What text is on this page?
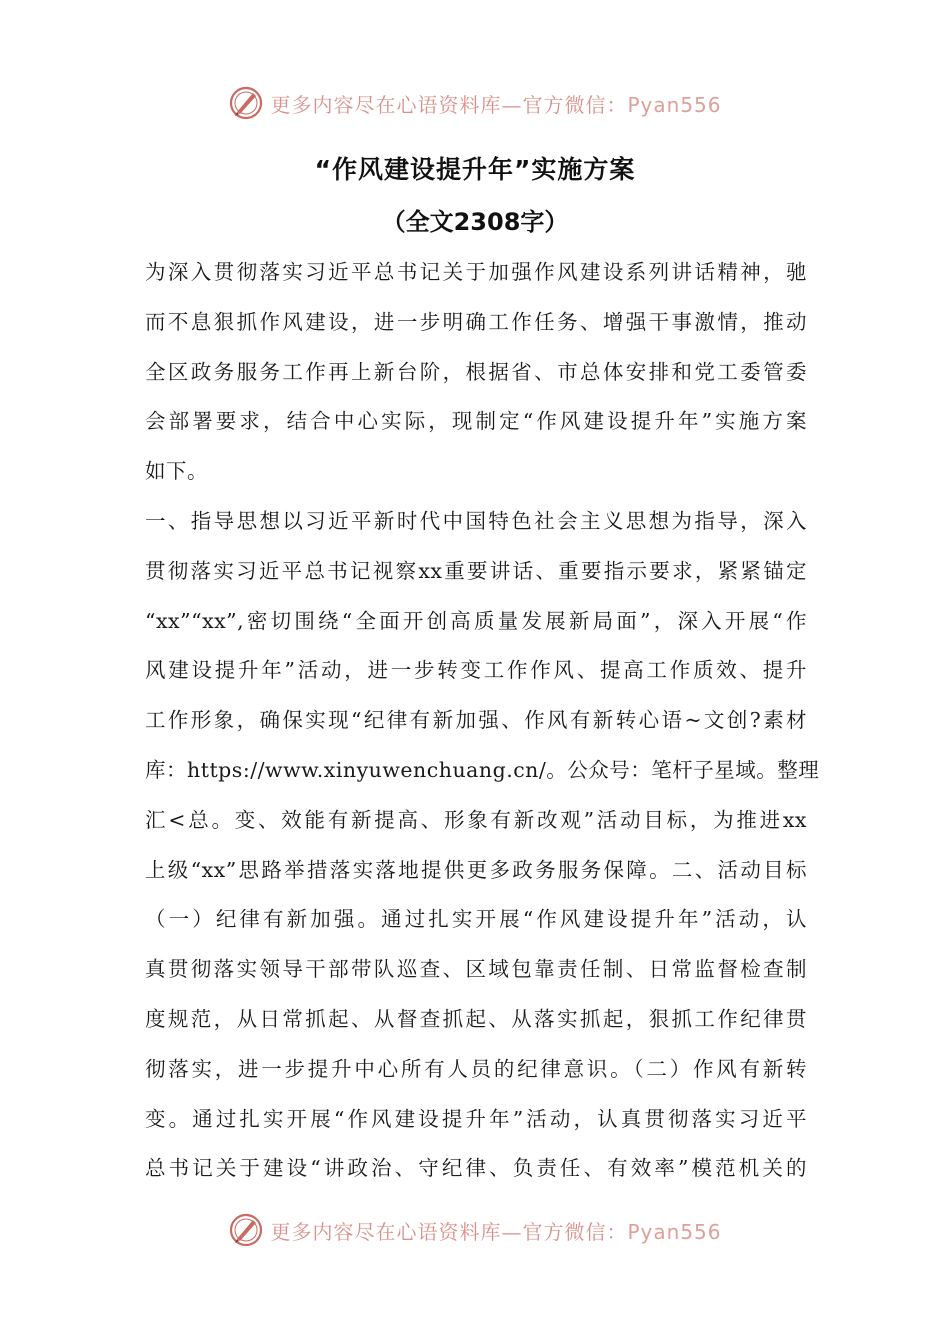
更多内容尽在心语资料库—官方微信：Pyan556
“作风建设提升年”实施方案
（全文2308字）
为深入贯彻落实习近平总书记关于加强作风建设系列讲话精神，驰
而不息狠抓作风建设，进一步明确工作任务、增强干事激情，推动
全区政务服务工作再上新台阶，根据省、市总体安排和党工委管委
会部署要求，结合中心实际，现制定“作风建设提升年”实施方案
如下。
一、指导思想以习近平新时代中国特色社会主义思想为指导，深入
贯彻落实习近平总书记视察xx重要讲话、重要指示要求，紧紧锚定
“xx”“xx”,密切围绕“全面开创高质量发展新局面”，深入开展“作
风建设提升年”活动，进一步转变工作作风、提高工作质效、提升
工作形象，确保实现“纪律有新加强、作风有新转心语~文创?素材
库：https://www.xinyuwenchuang.cn/。公众号：笔杆子星域。整理
汇<总。变、效能有新提高、形象有新改观”活动目标，为推进xx
上级“xx”思路举措落实落地提供更多政务服务保障。二、活动目标
（一）纪律有新加强。通过扎实开展“作风建设提升年”活动，认
真贯彻落实领导干部带队巡查、区域包靠责任制、日常监督检查制
度规范，从日常抓起、从督查抓起、从落实抓起，狠抓工作纪律贯
彻落实，进一步提升中心所有人员的纪律意识。（二）作风有新转
变。通过扎实开展“作风建设提升年”活动，认真贯彻落实习近平
总书记关于建设“讲政治、守纪律、负责任、有效率”模范机关的
更多内容尽在心语资料库—官方微信：Pyan556
